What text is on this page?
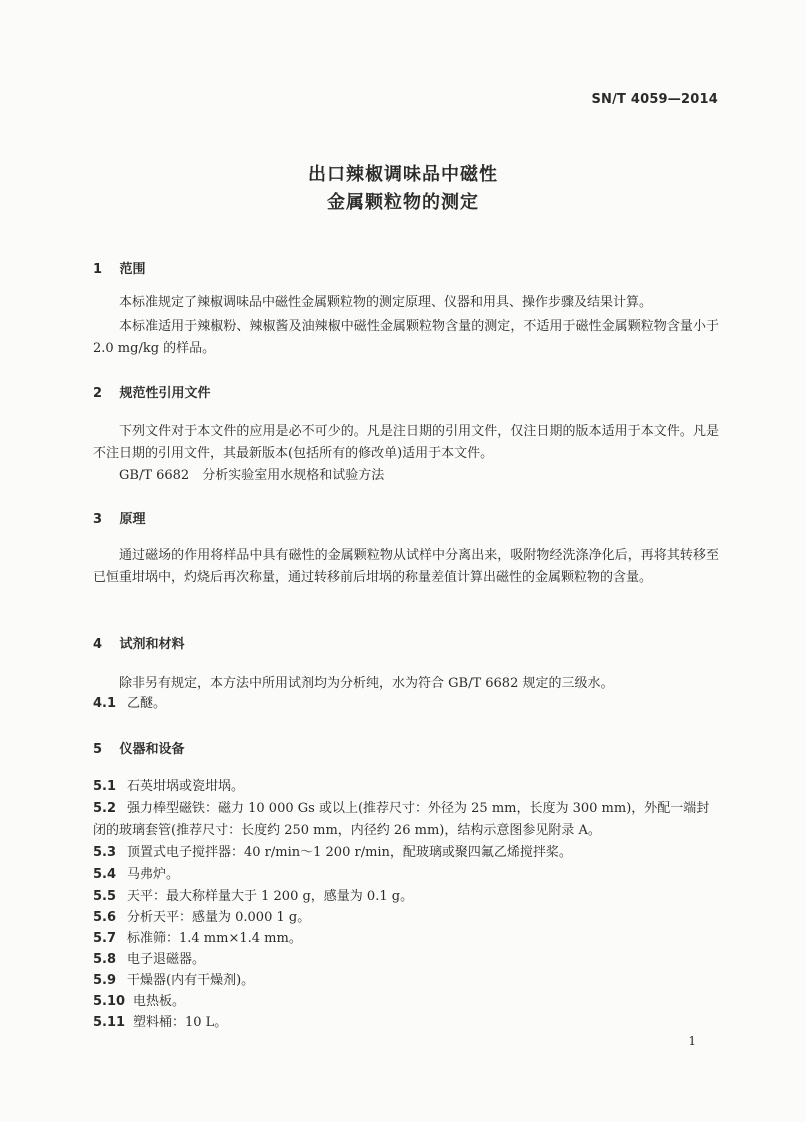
SN/T 4059—2014
出口辣椒调味品中磁性
金属颗粒物的测定
1 范围

本标准规定了辣椒调味品中磁性金属颗粒物的测定原理、仪器和用具、操作步骤及结果计算。

本标准适用于辣椒粉、辣椒酱及油辣椒中磁性金属颗粒物含量的测定，不适用于磁性金属颗粒物含量小于 2.0 mg/kg 的样品。

2 规范性引用文件

下列文件对于本文件的应用是必不可少的。凡是注日期的引用文件，仅注日期的版本适用于本文件。凡是不注日期的引用文件，其最新版本(包括所有的修改单)适用于本文件。

GB/T 6682　分析实验室用水规格和试验方法
3 原理

通过磁场的作用将样品中具有磁性的金属颗粒物从试样中分离出来，吸附物经洗涤净化后，再将其转移至已恒重坩埚中，灼烧后再次称量，通过转移前后坩埚的称量差值计算出磁性的金属颗粒物的含量。

4 试剂和材料

除非另有规定，本方法中所用试剂均为分析纯，水为符合 GB/T 6682 规定的三级水。

4.1 乙醚。
5 仪器和设备
5.1 石英坩埚或瓷坩埚。
5.2 强力棒型磁铁：磁力 10 000 Gs 或以上(推荐尺寸：外径为 25 mm，长度为 300 mm)，外配一端封闭的玻璃套管(推荐尺寸：长度约 250 mm，内径约 26 mm)，结构示意图参见附录 A。
5.3 顶置式电子搅拌器：40 r/min～1 200 r/min，配玻璃或聚四氟乙烯搅拌桨。
5.4 马弗炉。
5.5 天平：最大称样量大于 1 200 g，感量为 0.1 g。
5.6 分析天平：感量为 0.000 1 g。
5.7 标准筛：1.4 mm×1.4 mm。
5.8 电子退磁器。
5.9 干燥器(内有干燥剂)。
5.10 电热板。
5.11 塑料桶：10 L。
1
